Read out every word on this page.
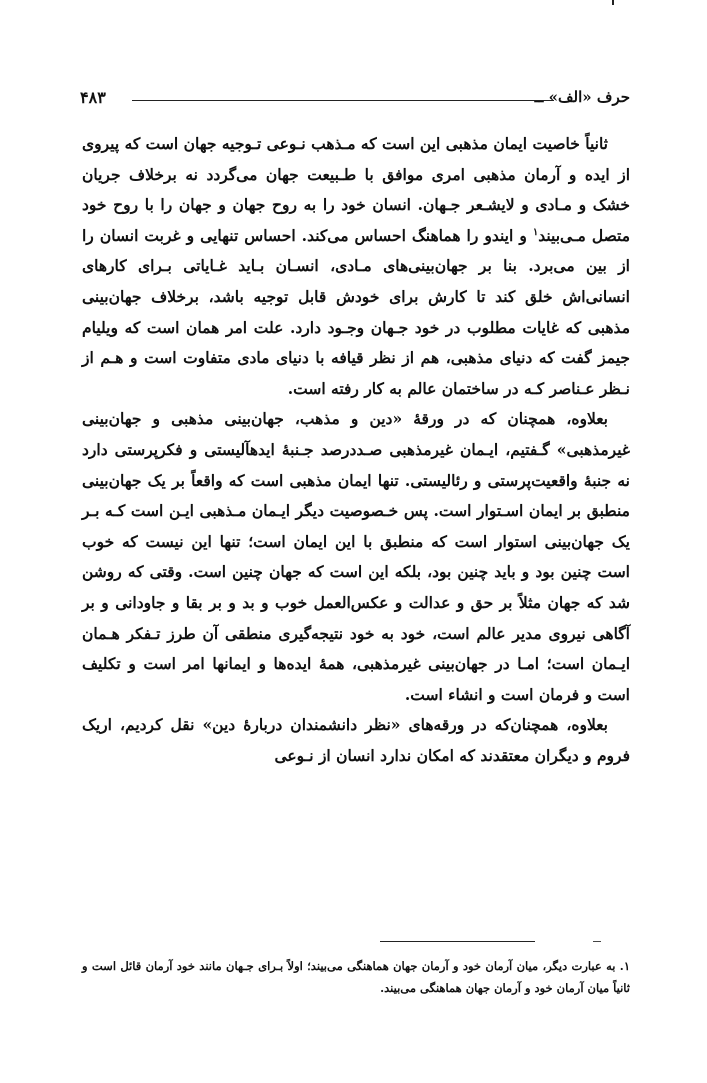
حرف «الف» ــ
۴۸۳

ثانیاً خاصیت ایمان مذهبی این است که مـذهب نـوعی تـوجیه جهان است که پیروی از ایده و آرمان مذهبی امری موافق با طـبیعت جهان می‌گردد نه برخلاف جریان خشک و مـادی و لایشـعر جـهان. انسان خود را به روح جهان و جهان را با روح خود متصل مـی‌بیند$^۱$ و ایندو را هماهنگ احساس می‌کند. احساس تنهایی و غربت انسان را از بین می‌برد. بنا بر جهان‌بینی‌های مـادی، انسـان بـاید غـایاتی بـرای کارهای انسانی‌اش خلق کند تا کارش برای خودش قابل توجیه باشد، برخلاف جهان‌بینی مذهبی که غایات مطلوب در خود جـهان وجـود دارد. علت امر همان است که ویلیام جیمز گفت که دنیای مذهبی، هم از نظر قیافه با دنیای مادی متفاوت است و هـم از نـظر عـناصر کـه در ساختمان عالم به کار رفته است.

بعلاوه، همچنان که در ورقهٔ «دین و مذهب، جهان‌بینی مذهبی و جهان‌بینی غیرمذهبی» گـفتیم، ایـمان غیرمذهبی صـددرصد جـنبهٔ ایدهآلیستی و فکرپرستی دارد نه جنبهٔ واقعیت‌پرستی و رئالیستی. تنها ایمان مذهبی است که واقعاً بر یک جهان‌بینی منطبق بر ایمان اسـتوار است. پس خـصوصیت دیگر ایـمان مـذهبی ایـن است کـه بـر یک جهان‌بینی استوار است که منطبق با این ایمان است؛ تنها این نیست که خوب است چنین بود و باید چنین بود، بلکه این است که جهان چنین است. وقتی که روشن شد که جهان مثلاً بر حق و عدالت و عکس‌العمل خوب و بد و بر بقا و جاودانی و بر آگاهی نیروی مدیر عالم است، خود به خود نتیجه‌گیری منطقی آن طرز تـفکر هـمان ایـمان است؛ امـا در جهان‌بینی غیرمذهبی، همهٔ ایده‌ها و ایمانها امر است و تکلیف است و فرمان است و انشاء است.

بعلاوه، همچنان‌که در ورقه‌های «نظر دانشمندان دربارهٔ دین» نقل کردیم، اریک فروم و دیگران معتقدند که امکان ندارد انسان از نـوعی

۱. به عبارت دیگر، میان آرمان خود و آرمان جهان هماهنگی می‌بیند؛ اولاً بـرای جـهان مانند خود آرمان قائل است و ثانیاً میان آرمان خود و آرمان جهان هماهنگی می‌بیند.
